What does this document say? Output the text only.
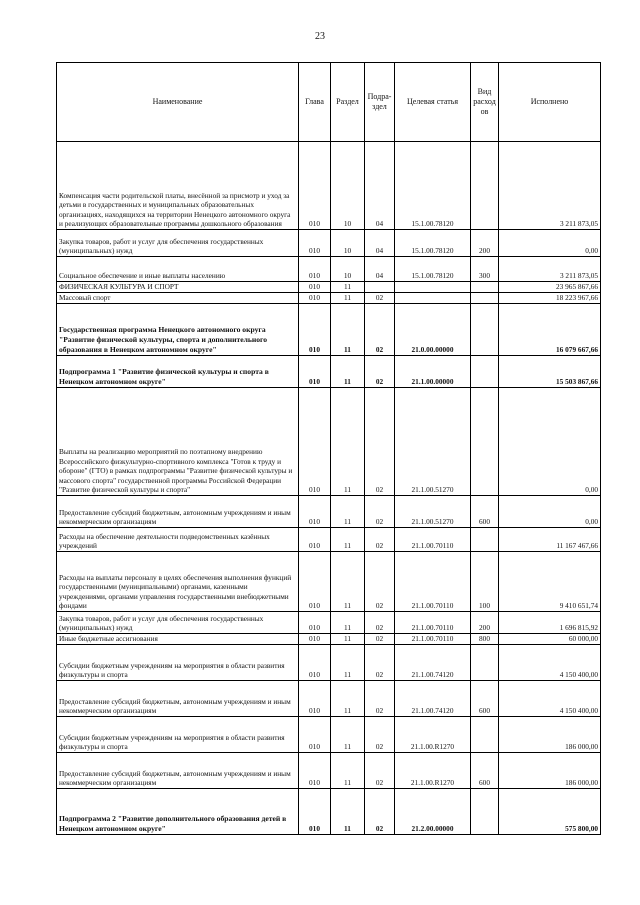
23
Наименование	Глава	Раздел	Подраздел	Целевая статья	Вид расход ов	Исполнено
Компенсация части родительской платы, внесённой за присмотр и уход за детьми в государственных и муниципальных образовательных организациях, находящихся на территории Ненецкого автономного округа и реализующих образовательные программы дошкольного образования	010	10	04	15.1.00.78120		3 211 873,05
Закупка товаров, работ и услуг для обеспечения государственных (муниципальных) нужд	010	10	04	15.1.00.78120	200	0,00
Социальное обеспечение и иные выплаты населению	010	10	04	15.1.00.78120	300	3 211 873,05
ФИЗИЧЕСКАЯ КУЛЬТУРА И СПОРТ	010	11				23 965 867,66
Массовый спорт	010	11	02			18 223 967,66
Государственная программа Ненецкого автономного округа "Развитие физической культуры, спорта и дополнительного образования в Ненецком автономном округе"	010	11	02	21.0.00.00000		16 079 667,66
Подпрограмма 1 "Развитие физической культуры и спорта в Ненецком автономном округе"	010	11	02	21.1.00.00000		15 503 867,66
Выплаты на реализацию мероприятий по поэтапному внедрению Всероссийского физкультурно-спортивного комплекса "Готов к труду и обороне" (ГТО) в рамках подпрограммы "Развитие физической культуры и массового спорта" государственной программы Российской Федерации "Развитие физической культуры и спорта"	010	11	02	21.1.00.51270		0,00
Предоставление субсидий бюджетным, автономным учреждениям и иным некоммерческим организациям	010	11	02	21.1.00.51270	600	0,00
Расходы на обеспечение деятельности подведомственных казённых учреждений	010	11	02	21.1.00.70110		11 167 467,66
Расходы на выплаты персоналу в целях обеспечения выполнения функций государственными (муниципальными) органами, казенными учреждениями, органами управления государственными внебюджетными фондами	010	11	02	21.1.00.70110	100	9 410 651,74
Закупка товаров, работ и услуг для обеспечения государственных (муниципальных) нужд	010	11	02	21.1.00.70110	200	1 696 815,92
Иные бюджетные ассигнования	010	11	02	21.1.00.70110	800	60 000,00
Субсидии бюджетным учреждениям на мероприятия в области развития физкультуры и спорта	010	11	02	21.1.00.74120		4 150 400,00
Предоставление субсидий бюджетным, автономным учреждениям и иным некоммерческим организациям	010	11	02	21.1.00.74120	600	4 150 400,00
Субсидии бюджетным учреждениям на мероприятия в области развития физкультуры и спорта	010	11	02	21.1.00.R1270		186 000,00
Предоставление субсидий бюджетным, автономным учреждениям и иным некоммерческим организациям	010	11	02	21.1.00.R1270	600	186 000,00
Подпрограмма 2 "Развитие дополнительного образования детей в Ненецком автономном округе"	010	11	02	21.2.00.00000		575 800,00
